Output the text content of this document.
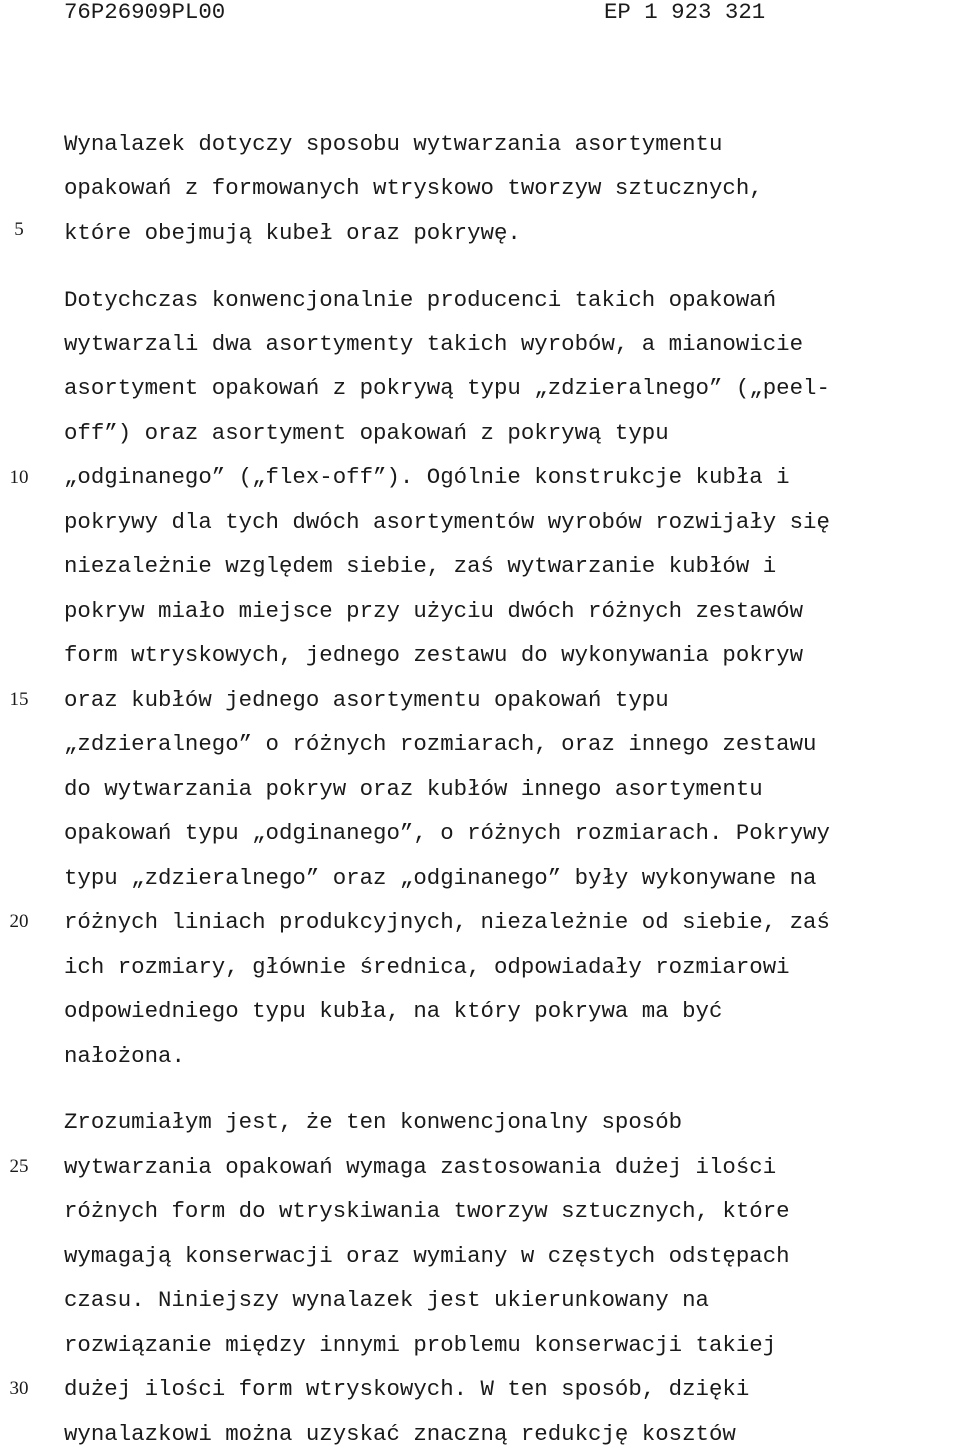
76P26909PL00	EP 1 923 321
5
10
15
20
25
30
Wynalazek dotyczy sposobu wytwarzania asortymentu
opakowań z formowanych wtryskowo tworzyw sztucznych,
które obejmują kubeł oraz pokrywę.
Dotychczas konwencjonalnie producenci takich opakowań
wytwarzali dwa asortymenty takich wyrobów, a mianowicie
asortyment opakowań z pokrywą typu „zdzieralnego” („peel-
off”) oraz asortyment opakowań z pokrywą typu
„odginanego” („flex-off”). Ogólnie konstrukcje kubła i
pokrywy dla tych dwóch asortymentów wyrobów rozwijały się
niezależnie względem siebie, zaś wytwarzanie kubłów i
pokryw miało miejsce przy użyciu dwóch różnych zestawów
form wtryskowych, jednego zestawu do wykonywania pokryw
oraz kubłów jednego asortymentu opakowań typu
„zdzieralnego” o różnych rozmiarach, oraz innego zestawu
do wytwarzania pokryw oraz kubłów innego asortymentu
opakowań typu „odginanego”, o różnych rozmiarach. Pokrywy
typu „zdzieralnego” oraz „odginanego” były wykonywane na
różnych liniach produkcyjnych, niezależnie od siebie, zaś
ich rozmiary, głównie średnica, odpowiadały rozmiarowi
odpowiedniego typu kubła, na który pokrywa ma być
nałożona.
Zrozumiałym jest, że ten konwencjonalny sposób
wytwarzania opakowań wymaga zastosowania dużej ilości
różnych form do wtryskiwania tworzyw sztucznych, które
wymagają konserwacji oraz wymiany w częstych odstępach
czasu. Niniejszy wynalazek jest ukierunkowany na
rozwiązanie między innymi problemu konserwacji takiej
dużej ilości form wtryskowych. W ten sposób, dzięki
wynalazkowi można uzyskać znaczną redukcję kosztów
